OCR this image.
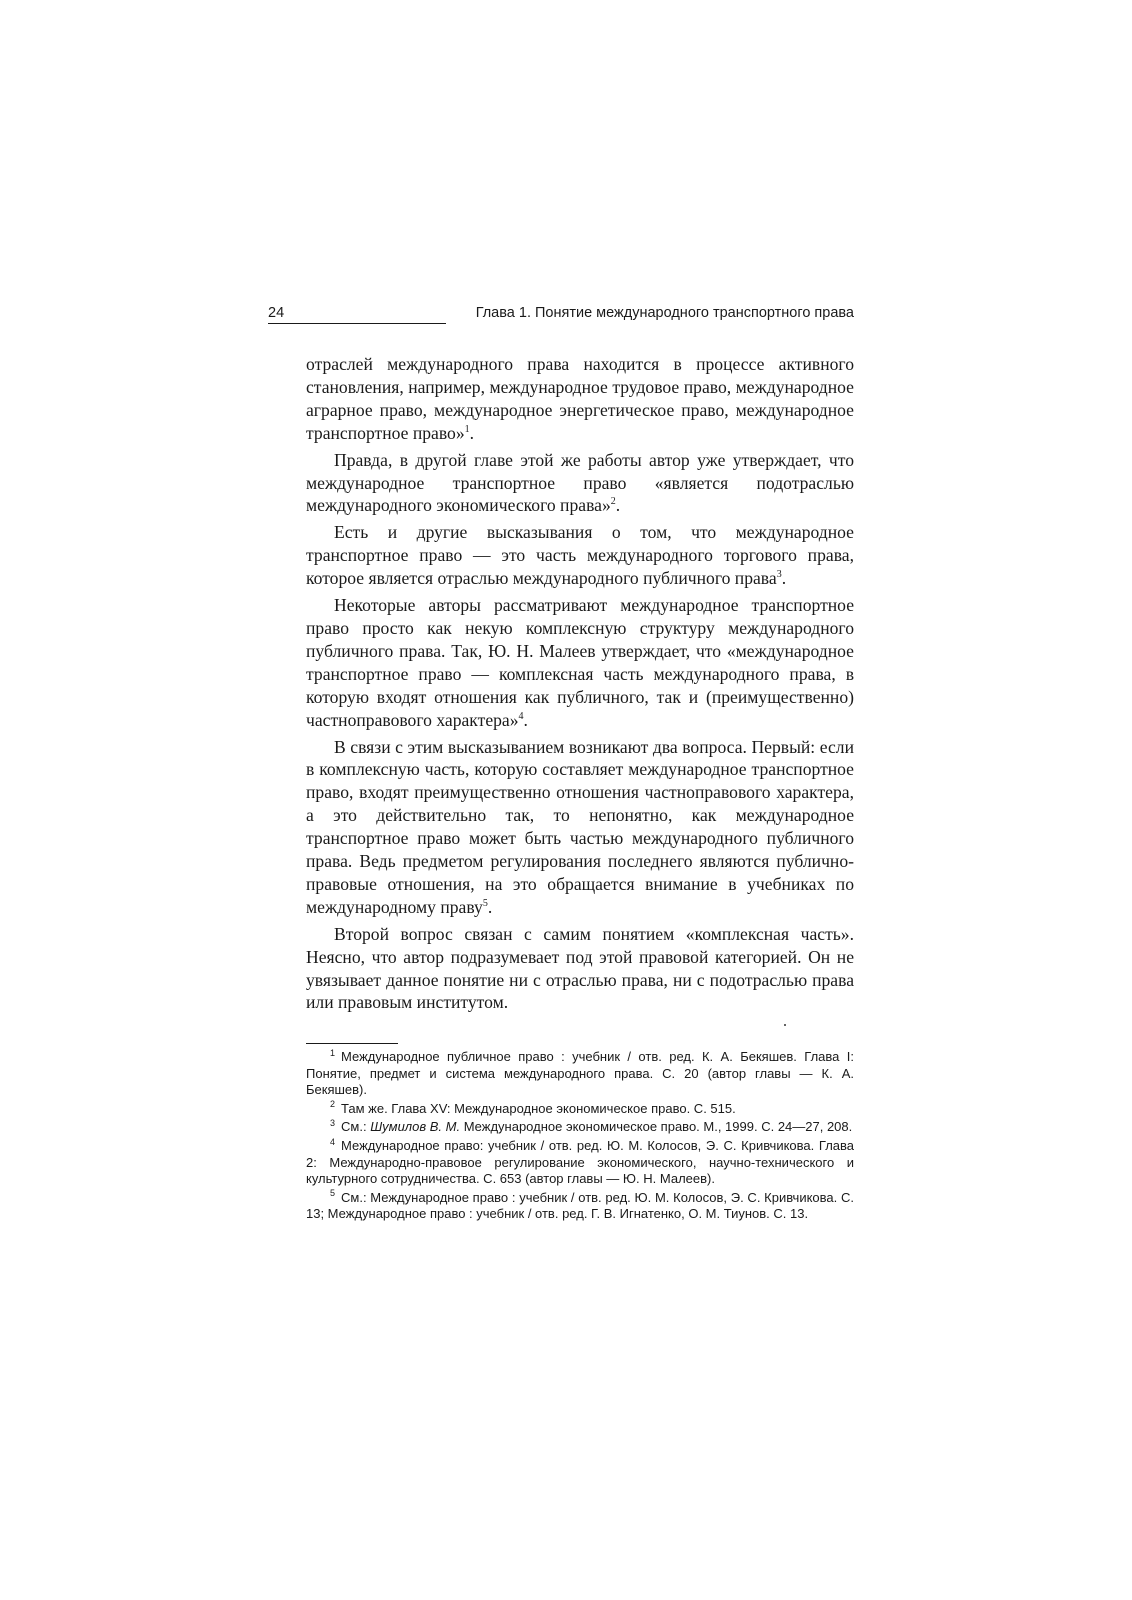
24	Глава 1. Понятие международного транспортного права

отраслей международного права находится в процессе активного становления, например, международное трудовое право, международное аграрное право, международное энергетическое право, международное транспортное право»$^1$.

Правда, в другой главе этой же работы автор уже утверждает, что международное транспортное право «является подотраслью международного экономического права»$^2$.

Есть и другие высказывания о том, что международное транспортное право — это часть международного торгового права, которое является отраслью международного публичного права$^3$.

Некоторые авторы рассматривают международное транспортное право просто как некую комплексную структуру международного публичного права. Так, Ю. Н. Малеев утверждает, что «международное транспортное право — комплексная часть международного права, в которую входят отношения как публичного, так и (преимущественно) частноправового характера»$^4$.

В связи с этим высказыванием возникают два вопроса. Первый: если в комплексную часть, которую составляет международное транспортное право, входят преимущественно отношения частноправового характера, а это действительно так, то непонятно, как международное транспортное право может быть частью международного публичного права. Ведь предметом регулирования последнего являются публично-правовые отношения, на это обращается внимание в учебниках по международному праву$^5$.

Второй вопрос связан с самим понятием «комплексная часть». Неясно, что автор подразумевает под этой правовой категорией. Он не увязывает данное понятие ни с отраслью права, ни с подотраслью права или правовым институтом.

$^1$ Международное публичное право : учебник / отв. ред. К. А. Бекяшев. Глава I: Понятие, предмет и система международного права. С. 20 (автор главы — К. А. Бекяшев).
$^2$ Там же. Глава XV: Международное экономическое право. С. 515.
$^3$ См.: Шумилов В. М. Международное экономическое право. М., 1999. С. 24—27, 208.
$^4$ Международное право: учебник / отв. ред. Ю. М. Колосов, Э. С. Кривчикова. Глава 2: Международно-правовое регулирование экономического, научно-технического и культурного сотрудничества. С. 653 (автор главы — Ю. Н. Малеев).
$^5$ См.: Международное право : учебник / отв. ред. Ю. М. Колосов, Э. С. Кривчикова. С. 13; Международное право : учебник / отв. ред. Г. В. Игнатенко, О. М. Тиунов. С. 13.
